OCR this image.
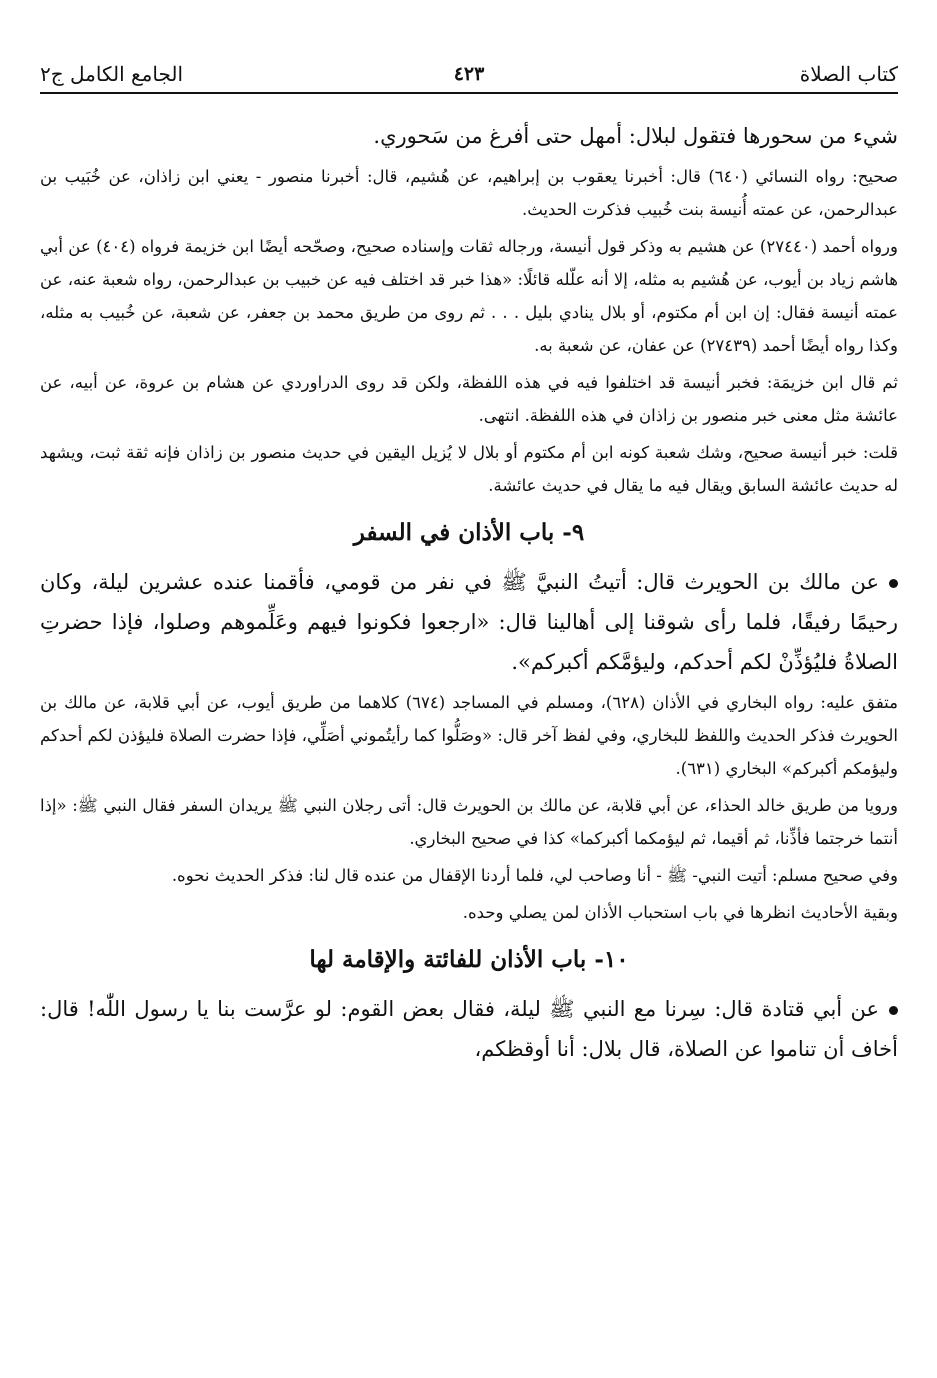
كتاب الصلاة
٤٢٣
الجامع الكامل ج٢

شيء من سحورها فتقول لبلال: أمهل حتى أفرغ من سَحوري.

صحيح: رواه النسائي (٦٤٠) قال: أخبرنا يعقوب بن إبراهيم، عن هُشيم، قال: أخبرنا منصور - يعني ابن زاذان، عن خُبَيب بن عبدالرحمن، عن عمته أُنيسة بنت خُبيب فذكرت الحديث.

ورواه أحمد (٢٧٤٤٠) عن هشيم به وذكر قول أنيسة، ورجاله ثقات وإسناده صحيح، وصحّحه أيضًا ابن خزيمة فرواه (٤٠٤) عن أبي هاشم زياد بن أيوب، عن هُشيم به مثله، إلا أنه علّله قائلًا: «هذا خبر قد اختلف فيه عن خبيب بن عبدالرحمن، رواه شعبة عنه، عن عمته أنيسة فقال: إن ابن أم مكتوم، أو بلال ينادي بليل . . . ثم روى من طريق محمد بن جعفر، عن شعبة، عن خُبيب به مثله، وكذا رواه أيضًا أحمد (٢٧٤٣٩) عن عفان، عن شعبة به.

ثم قال ابن خزيمَة: فخبر أنيسة قد اختلفوا فيه في هذه اللفظة، ولكن قد روى الدراوردي عن هشام بن عروة، عن أبيه، عن عائشة مثل معنى خبر منصور بن زاذان في هذه اللفظة. انتهى.

قلت: خبر أنيسة صحيح، وشك شعبة كونه ابن أم مكتوم أو بلال لا يُزيل اليقين في حديث منصور بن زاذان فإنه ثقة ثبت، ويشهد له حديث عائشة السابق ويقال فيه ما يقال في حديث عائشة.

٩- باب الأذان في السفر

عن مالك بن الحويرث قال: أتيتُ النبيَّ ﷺ في نفر من قومي، فأقمنا عنده عشرين ليلة، وكان رحيمًا رفيقًا، فلما رأى شوقنا إلى أهالينا قال: «ارجعوا فكونوا فيهم وعَلِّموهم وصلوا، فإذا حضرتِ الصلاةُ فليُؤذِّنْ لكم أحدكم، وليؤمَّكم أكبركم».

متفق عليه: رواه البخاري في الأذان (٦٢٨)، ومسلم في المساجد (٦٧٤) كلاهما من طريق أيوب، عن أبي قلابة، عن مالك بن الحويرث فذكر الحديث واللفظ للبخاري، وفي لفظ آخر قال: «وصَلُّوا كما رأيتُموني أصَلِّي، فإذا حضرت الصلاة فليؤذن لكم أحدكم وليؤمكم أكبركم» البخاري (٦٣١).

ورويا من طريق خالد الحذاء، عن أبي قلابة، عن مالك بن الحويرث قال: أتى رجلان النبي ﷺ يريدان السفر فقال النبي ﷺ: «إذا أنتما خرجتما فأذِّنا، ثم أقيما، ثم ليؤمكما أكبركما» كذا في صحيح البخاري.

وفي صحيح مسلم: أتيت النبي- ﷺ - أنا وصاحب لي، فلما أردنا الإقفال من عنده قال لنا: فذكر الحديث نحوه.

وبقية الأحاديث انظرها في باب استحباب الأذان لمن يصلي وحده.

١٠- باب الأذان للفائتة والإقامة لها

عن أبي قتادة قال: سِرنا مع النبي ﷺ ليلة، فقال بعض القوم: لو عرَّست بنا يا رسول اللّٰه! قال: أخاف أن تناموا عن الصلاة، قال بلال: أنا أوقظكم،
